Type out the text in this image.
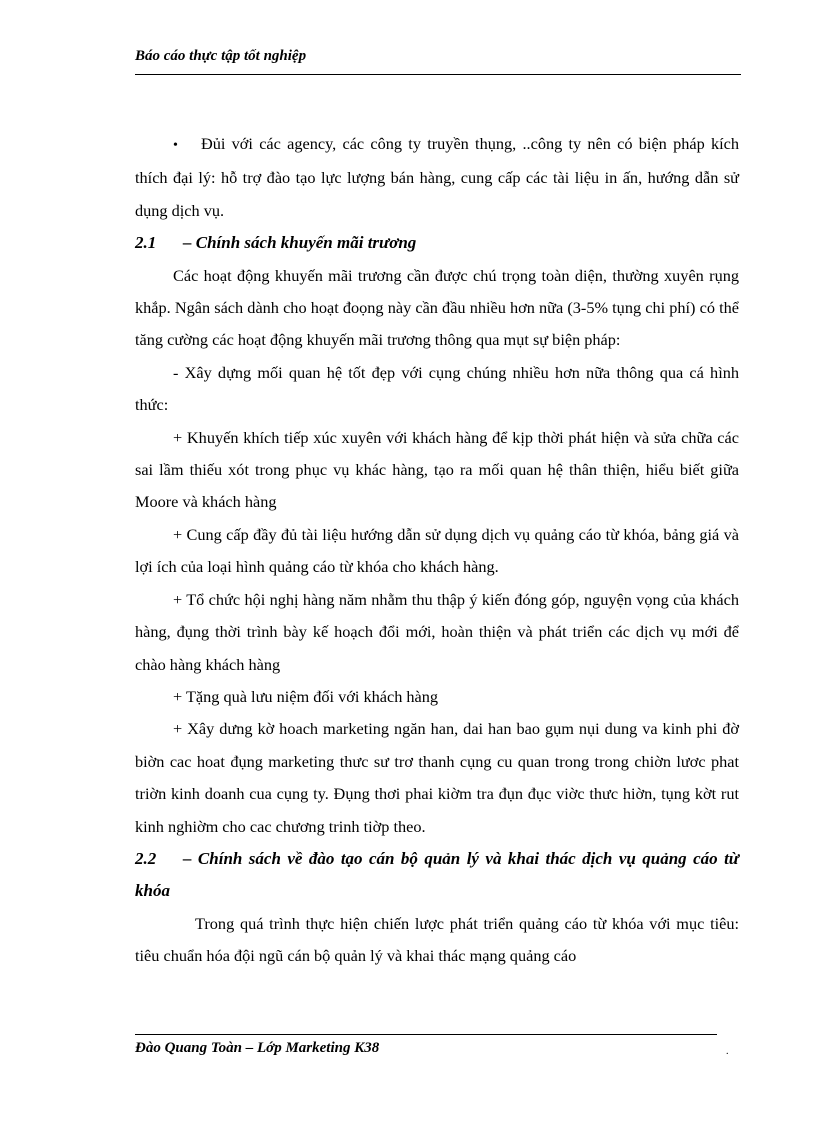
Báo cáo thực tập tốt nghiệp

• Đủi với các agency, các công ty truyền thụng, ..công ty nên có biện pháp kích thích đại lý: hỗ trợ đào tạo lực lượng bán hàng, cung cấp các tài liệu in ấn, hướng dẫn sử dụng dịch vụ.

2.1 – Chính sách khuyến mãi trương

Các hoạt động khuyến mãi trương cần được chú trọng toàn diện, thường xuyên rụng khắp. Ngân sách dành cho hoạt đoọng này cần đầu nhiều hơn nữa (3-5% tụng chi phí) có thể tăng cường các hoạt động khuyến mãi trương thông qua mụt sự biện pháp:

- Xây dựng mối quan hệ tốt đẹp với cụng chúng nhiều hơn nữa thông qua cá hình thức:

+ Khuyến khích tiếp xúc xuyên với khách hàng để kịp thời phát hiện và sửa chữa các sai lầm thiếu xót trong phục vụ khác hàng, tạo ra mối quan hệ thân thiện, hiểu biết giữa Moore và khách hàng

+ Cung cấp đầy đủ tài liệu hướng dẫn sử dụng dịch vụ quảng cáo từ khóa, bảng giá và lợi ích của loại hình quảng cáo từ khóa cho khách hàng.

+ Tổ chức hội nghị hàng năm nhằm thu thập ý kiến đóng góp, nguyện vọng của khách hàng, đụng thời trình bày kế hoạch đổi mới, hoàn thiện và phát triển các dịch vụ mới để chào hàng khách hàng

+ Tặng quà lưu niệm đối với khách hàng

+ Xây dưng kờ hoach marketing ngăn han, dai han bao gụm nụi dung va kinh phi đờ biờn cac hoat đụng marketing thưc sư trơ thanh cụng cu quan trong trong chiờn lươc phat triờn kinh doanh cua cụng ty. Đụng thơi phai kiờm tra đụn đục viờc thưc hiờn, tụng kờt rut kinh nghiờm cho cac chương trinh tiờp theo.

2.2 – Chính sách về đào tạo cán bộ quản lý và khai thác dịch vụ quảng cáo từ khóa

Trong quá trình thực hiện chiến lược phát triển quảng cáo từ khóa với mục tiêu: tiêu chuẩn hóa đội ngũ cán bộ quản lý và khai thác mạng quảng cáo

Đào Quang Toàn – Lớp Marketing K38	.
